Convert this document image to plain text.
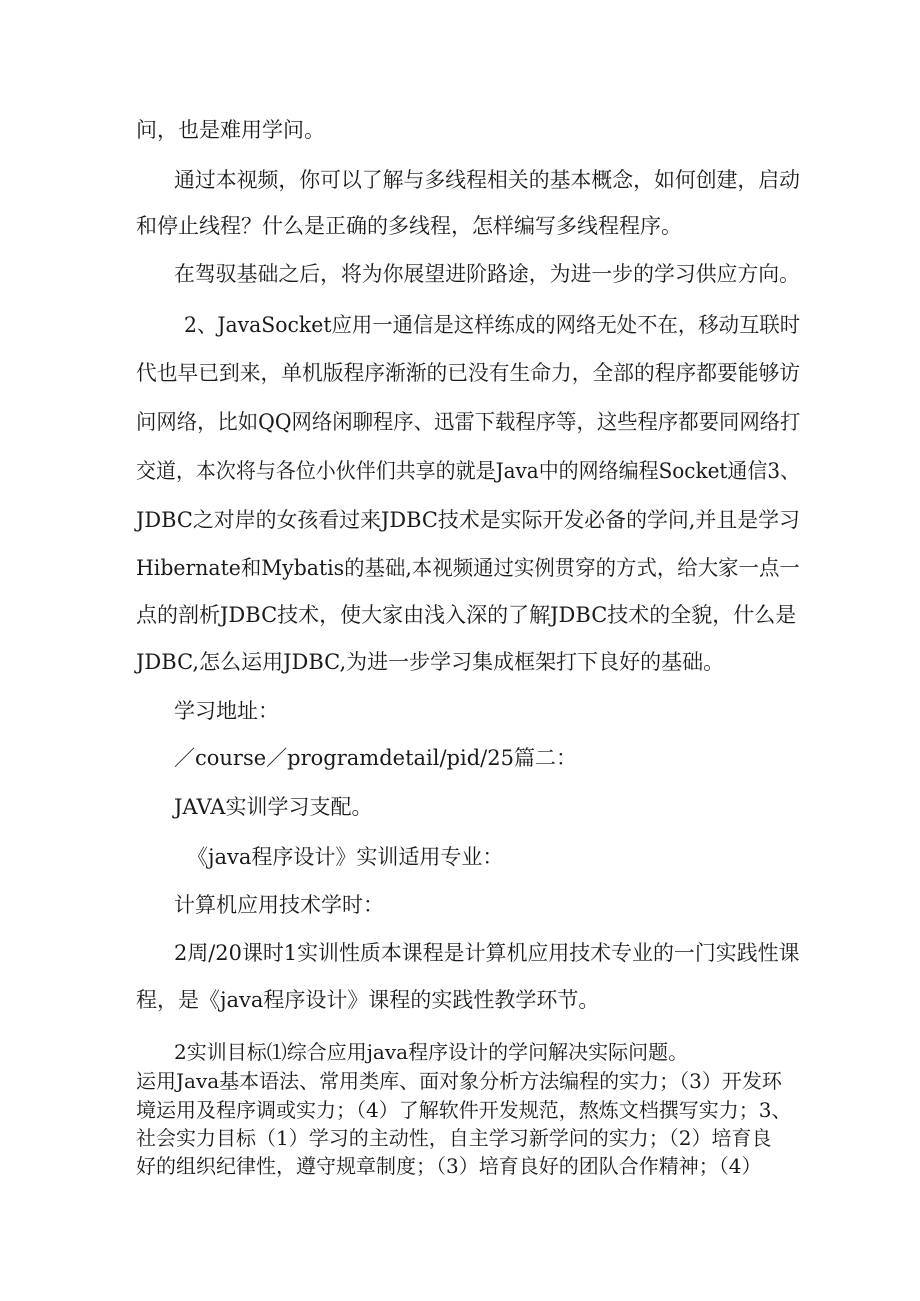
问，也是难用学问。

通过本视频，你可以了解与多线程相关的基本概念，如何创建，启动

和停止线程？什么是正确的多线程，怎样编写多线程程序。

在驾驭基础之后，将为你展望进阶路途，为进一步的学习供应方向。

2、JavaSocket应用一通信是这样练成的网络无处不在，移动互联时

代也早已到来，单机版程序渐渐的已没有生命力，全部的程序都要能够访

问网络，比如QQ网络闲聊程序、迅雷下载程序等，这些程序都要同网络打

交道，本次将与各位小伙伴们共享的就是Java中的网络编程Socket通信3、

JDBC之对岸的女孩看过来JDBC技术是实际开发必备的学问,并且是学习

Hibernate和Mybatis的基础,本视频通过实例贯穿的方式，给大家一点一

点的剖析JDBC技术，使大家由浅入深的了解JDBC技术的全貌，什么是

JDBC,怎么运用JDBC,为进一步学习集成框架打下良好的基础。

学习地址：

／course／programdetail/pid/25篇二：

JAVA实训学习支配。

《java程序设计》实训适用专业：

计算机应用技术学时：

2周/20课时1实训性质本课程是计算机应用技术专业的一门实践性课

程，是《java程序设计》课程的实践性教学环节。

2实训目标⑴综合应用java程序设计的学问解决实际问题。

运用Java基本语法、常用类库、面对象分析方法编程的实力；（3）开发环

境运用及程序调或实力；（4）了解软件开发规范，熬炼文档撰写实力；3、

社会实力目标（1）学习的主动性，自主学习新学问的实力；（2）培育良

好的组织纪律性，遵守规章制度；（3）培育良好的团队合作精神；（4）
